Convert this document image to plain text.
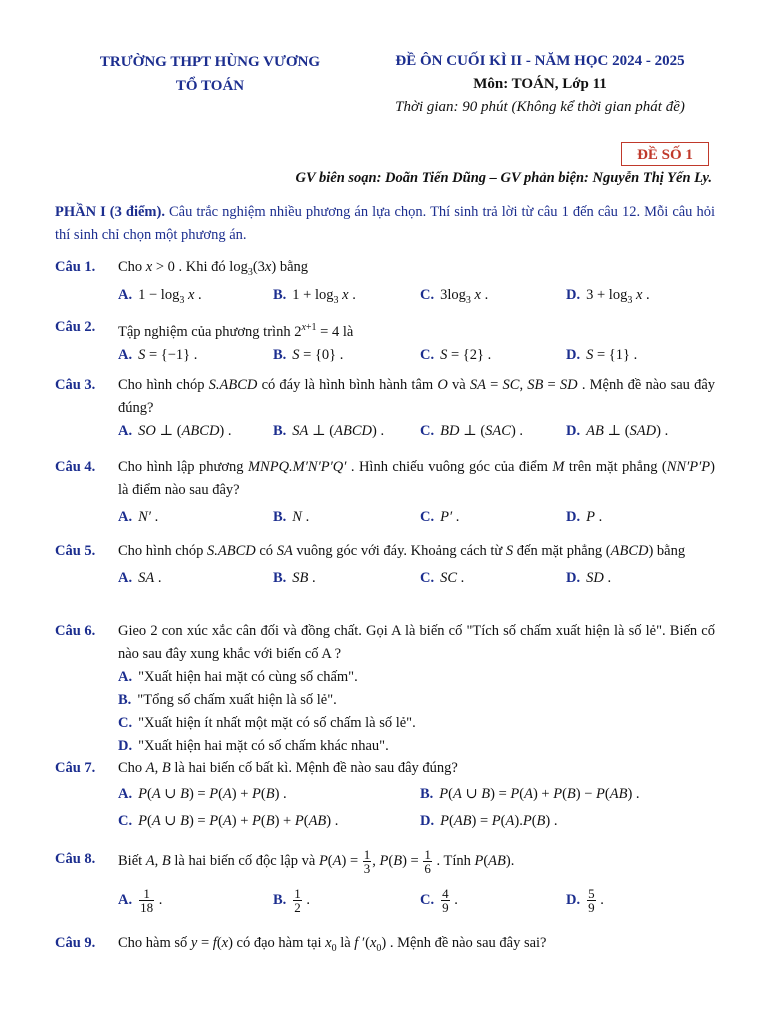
TRƯỜNG THPT HÙNG VƯƠNG
TỔ TOÁN
ĐỀ ÔN CUỐI KÌ II - NĂM HỌC 2024 - 2025
Môn: TOÁN, Lớp 11
Thời gian: 90 phút (Không kể thời gian phát đề)
ĐỀ SỐ 1
GV biên soạn: Doãn Tiến Dũng – GV phản biện: Nguyễn Thị Yến Ly.
PHẦN I (3 điểm). Câu trắc nghiệm nhiều phương án lựa chọn. Thí sinh trả lời từ câu 1 đến câu 12. Mỗi câu hỏi thí sinh chỉ chọn một phương án.
Câu 1. Cho x > 0 . Khi đó $\log_3(3x)$ bằng
A. $1 - \log_3 x$ .	B. $1 + \log_3 x$ .	C. $3\log_3$ x .	D. $3 + \log_3 x$ .
Câu 2. Tập nghiệm của phương trình $2^{x+1} = 4$ là
A. S = {−1} .	B. S = {0} .	C. S = {2} .	D. S = {1} .
Câu 3. Cho hình chóp S.ABCD có đáy là hình bình hành tâm O và SA = SC, SB = SD . Mệnh đề nào sau đây đúng?
A. SO ⊥ (ABCD) .	B. SA ⊥ (ABCD) . C. BD ⊥ (SAC) .	D. AB ⊥ (SAD) .
Câu 4. Cho hình lập phương MNPQ.M′N′P′Q′ . Hình chiếu vuông góc của điểm M trên mặt phẳng (NN′P′P) là điểm nào sau đây?
A. N′ .	B. N .	C. P′ .	D. P .
Câu 5. Cho hình chóp S.ABCD có SA vuông góc với đáy. Khoảng cách từ S đến mặt phẳng (ABCD) bằng
A. SA .	B. SB .	C. SC .	D. SD .
Câu 6. Gieo 2 con xúc xắc cân đối và đồng chất. Gọi A là biến cố "Tích số chấm xuất hiện là số lẻ". Biến cố nào sau đây xung khắc với biến cố A ?
A. "Xuất hiện hai mặt có cùng số chấm".
B. "Tổng số chấm xuất hiện là số lẻ".
C. "Xuất hiện ít nhất một mặt có số chấm là số lẻ".
D. "Xuất hiện hai mặt có số chấm khác nhau".
Câu 7. Cho A, B là hai biến cố bất kì. Mệnh đề nào sau đây đúng?
A. P(A ∪ B) = P(A) + P(B) .	B. P(A ∪ B) = P(A) + P(B) − P(AB) .
C. P(A ∪ B) = P(A) + P(B) + P(AB) .	D. P(AB) = P(A).P(B) .
Câu 8. Biết A, B là hai biến cố độc lập và $P(A) = \frac{1}{3}$ , $P(B) = \frac{1}{6}$ . Tính P(AB).
A. $\frac{1}{18}$ .	B. $\frac{1}{2}$ .	C. $\frac{4}{9}$ .	D. $\frac{5}{9}$ .
Câu 9. Cho hàm số y = f(x) có đạo hàm tại $x_0$ là f $'(x_0)$ . Mệnh đề nào sau đây sai?
